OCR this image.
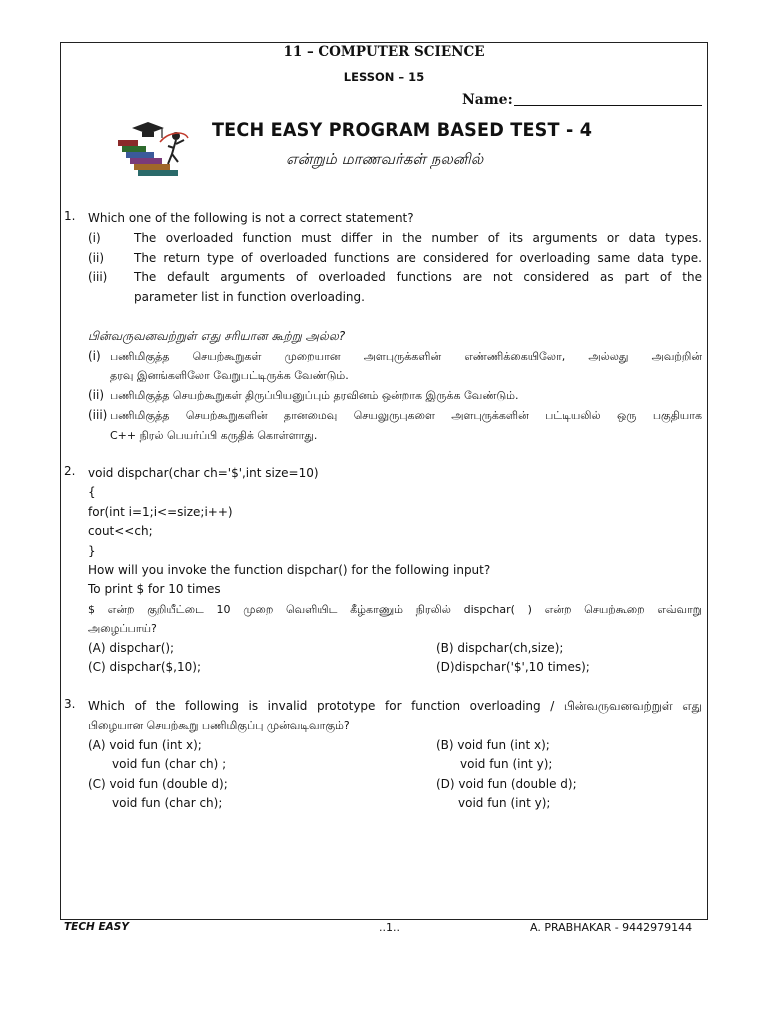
11 – COMPUTER SCIENCE
LESSON – 15
Name:
TECH EASY PROGRAM BASED TEST - 4
என்றும் மாணவர்கள் நலனில்
1. Which one of the following is not a correct statement?
(i)	The overloaded function must differ in the number of its arguments or data types.
(ii) The return type of overloaded functions are considered for overloading same data type.
(iii) The default arguments of overloaded functions are not considered as part of the
parameter list in function overloading.
பின்வருவனவற்றுள் எது சரியான கூற்று அல்ல?
(i) பணிமிகுத்த செயற்கூறுகள் முறையான அளபுருக்களின் எண்ணிக்கையிலோ, அல்லது அவற்றின்
தரவு இனங்களிலோ வேறுபட்டிருக்க வேண்டும்.
(ii) பணிமிகுத்த செயற்கூறுகள் திருப்பியனுப்பும் தரவினம் ஒன்றாக இருக்க வேண்டும்.
(iii) பணிமிகுத்த செயற்கூறுகளின் தானமைவு செயலுருபுகளை அளபுருக்களின் பட்டியலில் ஒரு பகுதியாக
C++ நிரல் பெயர்ப்பி கருதிக் கொள்ளாது.
2. void dispchar(char ch='$',int size=10)
{
for(int i=1;i<=size;i++)
cout<<ch;
}
How will you invoke the function dispchar() for the following input?
To print $ for 10 times
$ என்ற குறியீட்டை 10 முறை வெளியிட கீழ்காணும் நிரலில் dispchar( ) என்ற செயற்கூறை எவ்வாறு
அழைப்பாய்?
(A) dispchar();	(B) dispchar(ch,size);
(C) dispchar($,10);	(D)dispchar('$',10 times);
3. Which of the following is invalid prototype for function overloading / பின்வருவனவற்றுள் எது
பிழையான செயற்கூறு பணிமிகுப்பு முன்வடிவாகும்?
(A) void fun (int x);
void fun (char ch) ;
(B) void fun (int x);
void fun (int y);
(C) void fun (double d);
void fun (char ch);
(D) void fun (double d);
void fun (int y);
TECH EASY	..1..	A. PRABHAKAR - 9442979144
